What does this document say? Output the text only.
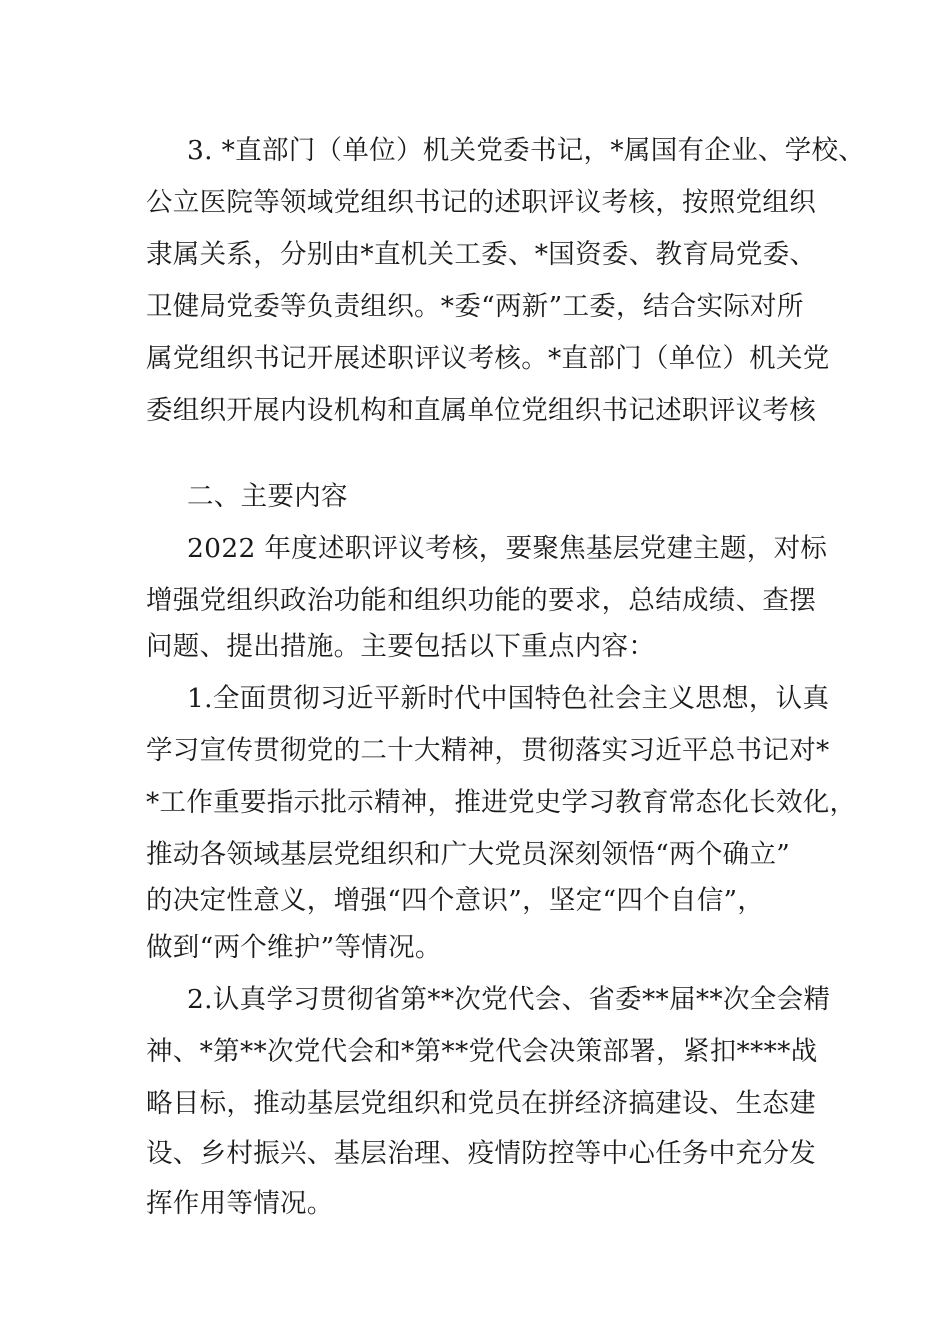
3. *直部门（单位）机关党委书记，*属国有企业、学校、
公立医院等领域党组织书记的述职评议考核，按照党组织
隶属关系，分别由*直机关工委、*国资委、教育局党委、
卫健局党委等负责组织。*委“两新”工委，结合实际对所
属党组织书记开展述职评议考核。*直部门（单位）机关党
委组织开展内设机构和直属单位党组织书记述职评议考核
二、主要内容
2022 年度述职评议考核，要聚焦基层党建主题，对标
增强党组织政治功能和组织功能的要求，总结成绩、查摆
问题、提出措施。主要包括以下重点内容：
1.全面贯彻习近平新时代中国特色社会主义思想，认真
学习宣传贯彻党的二十大精神，贯彻落实习近平总书记对*
*工作重要指示批示精神，推进党史学习教育常态化长效化，
推动各领域基层党组织和广大党员深刻领悟“两个确立”
的决定性意义，增强“四个意识”，坚定“四个自信”，
做到“两个维护”等情况。
2.认真学习贯彻省第**次党代会、省委**届**次全会精
神、*第**次党代会和*第**党代会决策部署，紧扣****战
略目标，推动基层党组织和党员在拼经济搞建设、生态建
设、乡村振兴、基层治理、疫情防控等中心任务中充分发
挥作用等情况。
